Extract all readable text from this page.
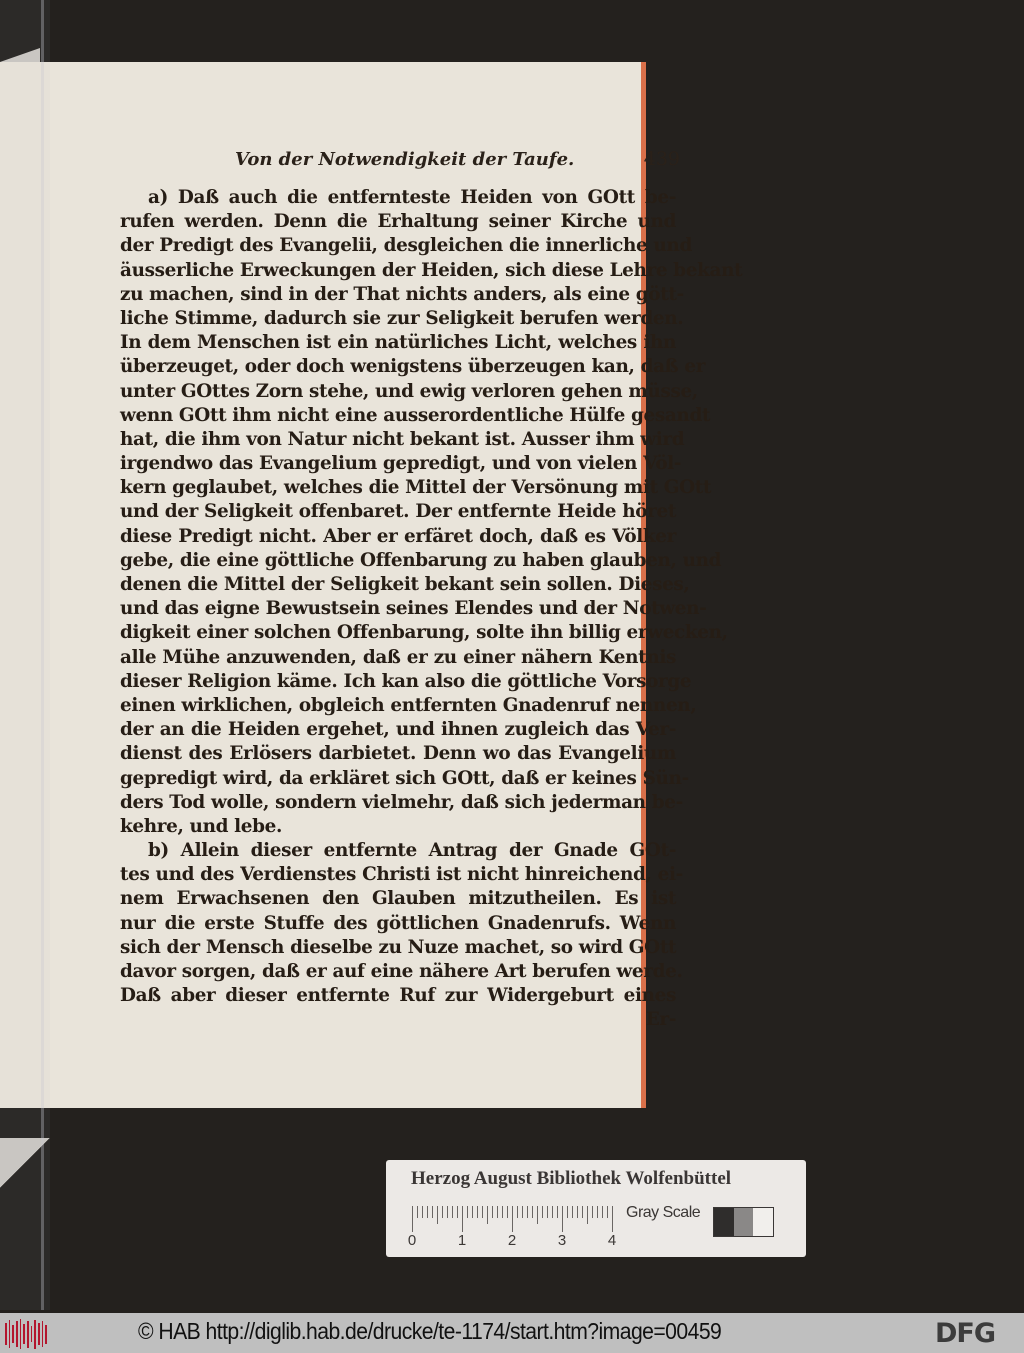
Von der Notwendigkeit der Taufe.	439
a) Daß auch die entfernteste Heiden von GOtt be-
rufen werden. Denn die Erhaltung seiner Kirche und
der Predigt des Evangelii, desgleichen die innerliche und
äusserliche Erweckungen der Heiden, sich diese Lehre bekant
zu machen, sind in der That nichts anders, als eine gött-
liche Stimme, dadurch sie zur Seligkeit berufen werden.
In dem Menschen ist ein natürliches Licht, welches ihn
überzeuget, oder doch wenigstens überzeugen kan, daß er
unter GOttes Zorn stehe, und ewig verloren gehen müsse,
wenn GOtt ihm nicht eine ausserordentliche Hülfe gesandt
hat, die ihm von Natur nicht bekant ist. Ausser ihm wird
irgendwo das Evangelium gepredigt, und von vielen Völ-
kern geglaubet, welches die Mittel der Versönung mit GOtt
und der Seligkeit offenbaret. Der entfernte Heide höret
diese Predigt nicht. Aber er erfäret doch, daß es Völker
gebe, die eine göttliche Offenbarung zu haben glauben, und
denen die Mittel der Seligkeit bekant sein sollen. Dieses,
und das eigne Bewustsein seines Elendes und der Notwen-
digkeit einer solchen Offenbarung, solte ihn billig erwecken,
alle Mühe anzuwenden, daß er zu einer nähern Kentnis
dieser Religion käme. Ich kan also die göttliche Vorsorge
einen wirklichen, obgleich entfernten Gnadenruf nennen,
der an die Heiden ergehet, und ihnen zugleich das Ver-
dienst des Erlösers darbietet. Denn wo das Evangelium
gepredigt wird, da erkläret sich GOtt, daß er keines Sün-
ders Tod wolle, sondern vielmehr, daß sich jederman be-
kehre, und lebe.
b) Allein dieser entfernte Antrag der Gnade GOt-
tes und des Verdienstes Christi ist nicht hinreichend, ei-
nem Erwachsenen den Glauben mitzutheilen. Es ist
nur die erste Stuffe des göttlichen Gnadenrufs. Wenn
sich der Mensch dieselbe zu Nuze machet, so wird GOtt
davor sorgen, daß er auf eine nähere Art berufen werde.
Daß aber dieser entfernte Ruf zur Widergeburt eines
Er-
Herzog August Bibliothek Wolfenbüttel
0	1	2	3	4
Gray Scale
© HAB http://diglib.hab.de/drucke/te-1174/start.htm?image=00459	DFG
